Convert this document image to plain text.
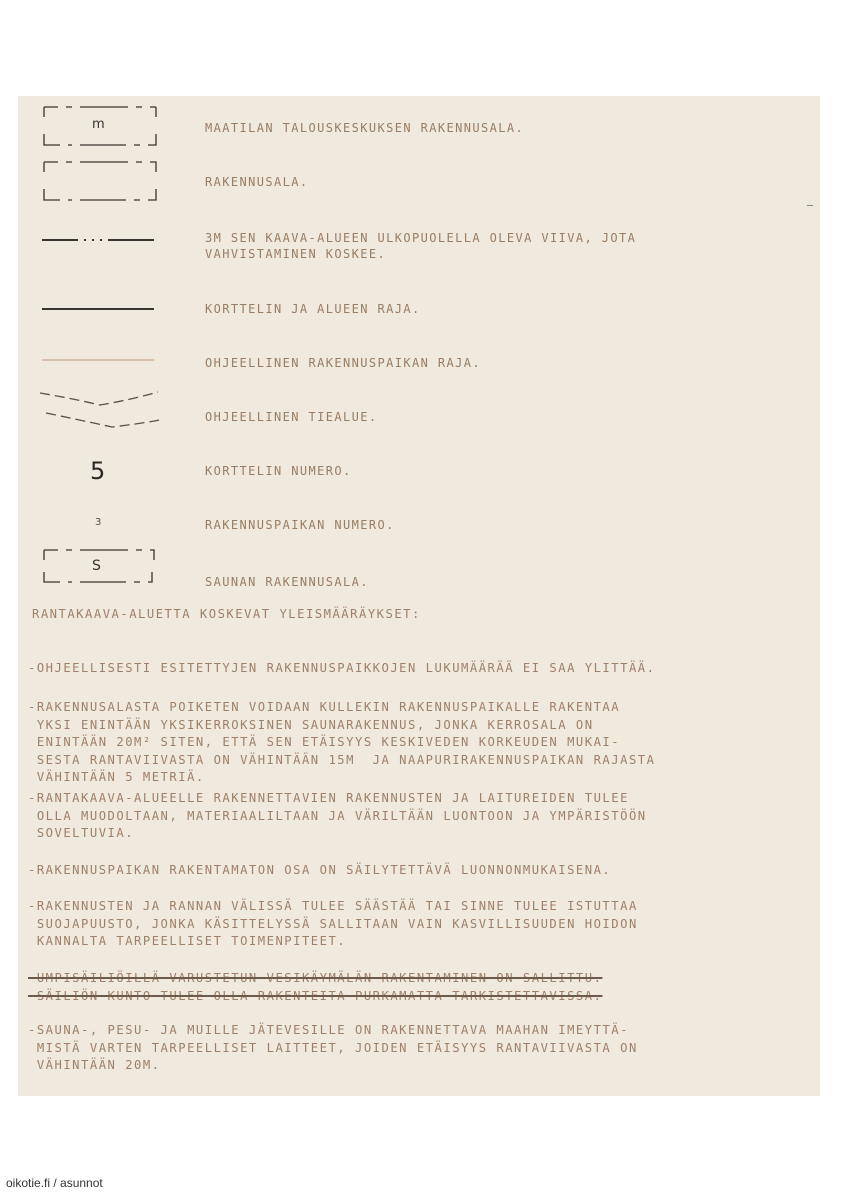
m
S
5
3
MAATILAN TALOUSKESKUKSEN RAKENNUSALA.
RAKENNUSALA.
3M SEN KAAVA-ALUEEN ULKOPUOLELLA OLEVA VIIVA, JOTA
VAHVISTAMINEN KOSKEE.
KORTTELIN JA ALUEEN RAJA.
OHJEELLINEN RAKENNUSPAIKAN RAJA.
OHJEELLINEN TIEALUE.
KORTTELIN NUMERO.
RAKENNUSPAIKAN NUMERO.
SAUNAN RAKENNUSALA.
RANTAKAAVA-ALUETTA KOSKEVAT YLEISMÄÄRÄYKSET:
-OHJEELLISESTI ESITETTYJEN RAKENNUSPAIKKOJEN LUKUMÄÄRÄÄ EI SAA YLITTÄÄ.
-RAKENNUSALASTA POIKETEN VOIDAAN KULLEKIN RAKENNUSPAIKALLE RAKENTAA
YKSI ENINTÄÄN YKSIKERROKSINEN SAUNARAKENNUS, JONKA KERROSALA ON
ENINTÄÄN 20M² SITEN, ETTÄ SEN ETÄISYYS KESKIVEDEN KORKEUDEN MUKAI-
SESTA RANTAVIIVASTA ON VÄHINTÄÄN 15M  JA NAAPURIRAKENNUSPAIKAN RAJASTA
VÄHINTÄÄN 5 METRIÄ.
-RANTAKAAVA-ALUEELLE RAKENNETTAVIEN RAKENNUSTEN JA LAITUREIDEN TULEE
OLLA MUODOLTAAN, MATERIAALILTAAN JA VÄRILTÄÄN LUONTOON JA YMPÄRISTÖÖN
SOVELTUVIA.
-RAKENNUSPAIKAN RAKENTAMATON OSA ON SÄILYTETTÄVÄ LUONNONMUKAISENA.
-RAKENNUSTEN JA RANNAN VÄLISSÄ TULEE SÄÄSTÄÄ TAI SINNE TULEE ISTUTTAA
SUOJAPUUSTO, JONKA KÄSITTELYSSÄ SALLITAAN VAIN KASVILLISUUDEN HOIDON
KANNALTA TARPEELLISET TOIMENPITEET.
-UMPISÄILIÖILLÄ VARUSTETUN VESIKÄYMÄLÄN RAKENTAMINEN ON SALLITTU.
SÄILIÖN KUNTO TULEE OLLA RAKENTEITA PURKAMATTA TARKISTETTAVISSA.
-SAUNA-, PESU- JA MUILLE JÄTEVESILLE ON RAKENNETTAVA MAAHAN IMEYTTÄ-
MISTÄ VARTEN TARPEELLISET LAITTEET, JOIDEN ETÄISYYS RANTAVIIVASTA ON
VÄHINTÄÄN 20M.
oikotie.fi / asunnot
